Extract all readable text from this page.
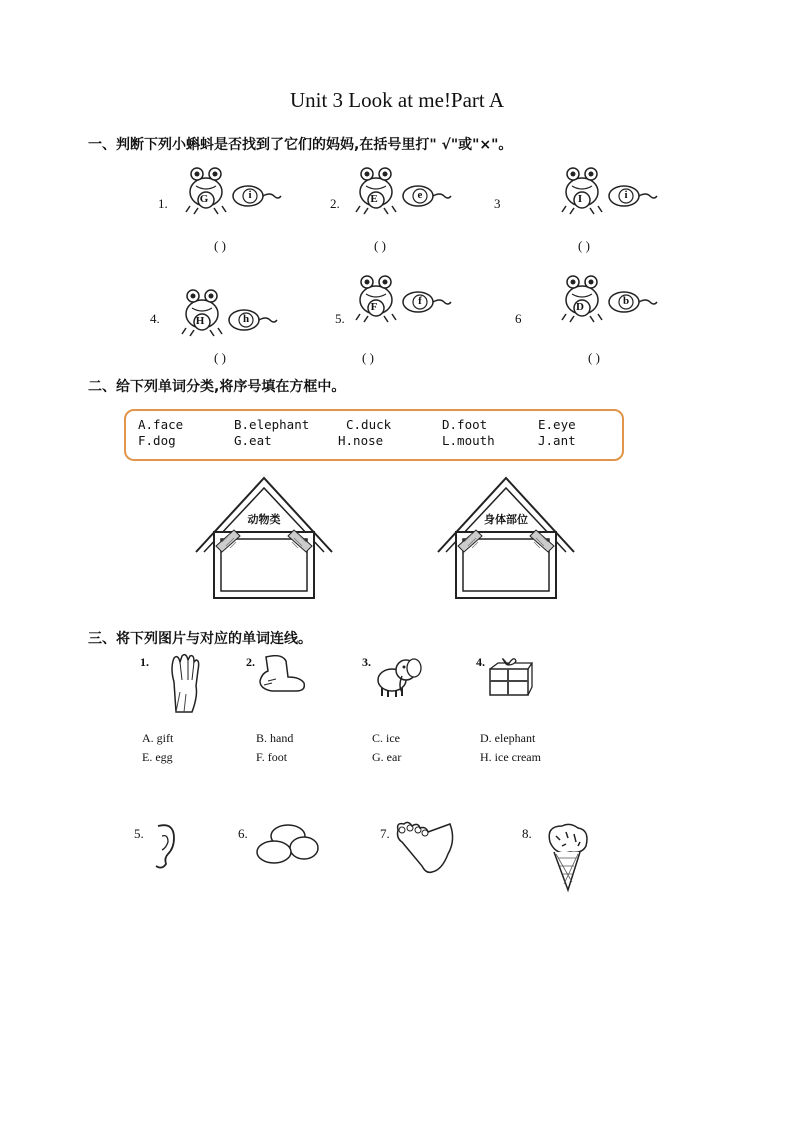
Unit 3 Look at me!Part A
一、判断下列小蝌蚪是否找到了它们的妈妈,在括号里打" √"或"×"。
1.	G	i
( )
2.	E	e
( )
3	I	i
( )
4.	H	h
( )
5.
F	f
( )
6
D	b
( )
二、给下列单词分类,将序号填在方框中。
A.face	B.elephant	C.duck	D.foot	E.eye
F.dog	G.eat	H.nose	L.mouth	J.ant
动物类	身体部位
三、将下列图片与对应的单词连线。
1.	2.	3.	4.
A. gift	B. hand	C. ice	D. elephant
E. egg	F. foot	G. ear	H. ice cream
5.	6.	7.	8.
